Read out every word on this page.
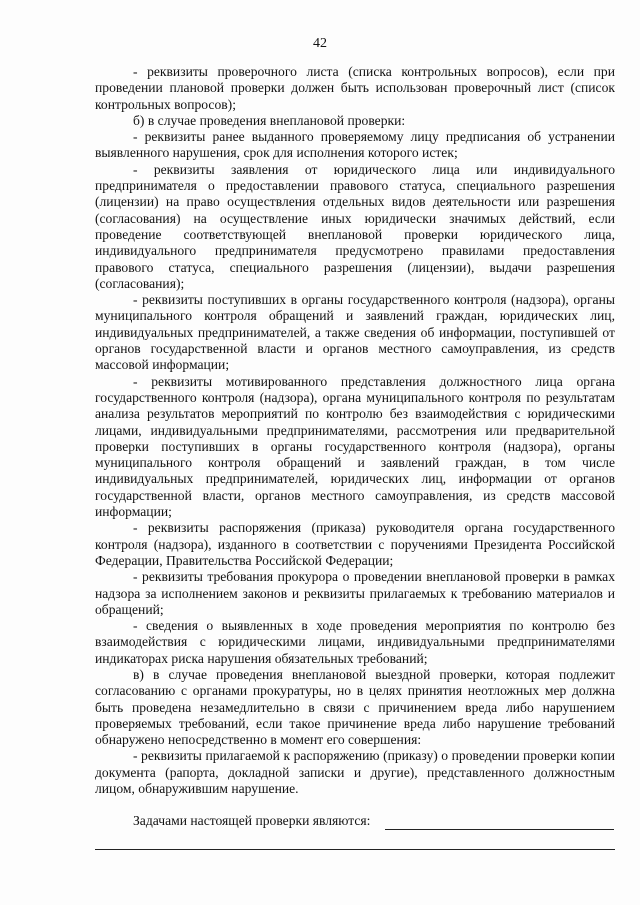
42

- реквизиты проверочного листа (списка контрольных вопросов), если при проведении плановой проверки должен быть использован проверочный лист (список контрольных вопросов);

б) в случае проведения внеплановой проверки:

- реквизиты ранее выданного проверяемому лицу предписания об устранении выявленного нарушения, срок для исполнения которого истек;

- реквизиты заявления от юридического лица или индивидуального предпринимателя о предоставлении правового статуса, специального разрешения (лицензии) на право осуществления отдельных видов деятельности или разрешения (согласования) на осуществление иных юридически значимых действий, если проведение соответствующей внеплановой проверки юридического лица, индивидуального предпринимателя предусмотрено правилами предоставления правового статуса, специального разрешения (лицензии), выдачи разрешения (согласования);

- реквизиты поступивших в органы государственного контроля (надзора), органы муниципального контроля обращений и заявлений граждан, юридических лиц, индивидуальных предпринимателей, а также сведения об информации, поступившей от органов государственной власти и органов местного самоуправления, из средств массовой информации;

- реквизиты мотивированного представления должностного лица органа государственного контроля (надзора), органа муниципального контроля по результатам анализа результатов мероприятий по контролю без взаимодействия с юридическими лицами, индивидуальными предпринимателями, рассмотрения или предварительной проверки поступивших в органы государственного контроля (надзора), органы муниципального контроля обращений и заявлений граждан, в том числе индивидуальных предпринимателей, юридических лиц, информации от органов государственной власти, органов местного самоуправления, из средств массовой информации;

- реквизиты распоряжения (приказа) руководителя органа государственного контроля (надзора), изданного в соответствии с поручениями Президента Российской Федерации, Правительства Российской Федерации;

- реквизиты требования прокурора о проведении внеплановой проверки в рамках надзора за исполнением законов и реквизиты прилагаемых к требованию материалов и обращений;

- сведения о выявленных в ходе проведения мероприятия по контролю без взаимодействия с юридическими лицами, индивидуальными предпринимателями индикаторах риска нарушения обязательных требований;

в) в случае проведения внеплановой выездной проверки, которая подлежит согласованию с органами прокуратуры, но в целях принятия неотложных мер должна быть проведена незамедлительно в связи с причинением вреда либо нарушением проверяемых требований, если такое причинение вреда либо нарушение требований обнаружено непосредственно в момент его совершения:

- реквизиты прилагаемой к распоряжению (приказу) о проведении проверки копии документа (рапорта, докладной записки и другие), представленного должностным лицом, обнаружившим нарушение.

Задачами настоящей проверки являются:
